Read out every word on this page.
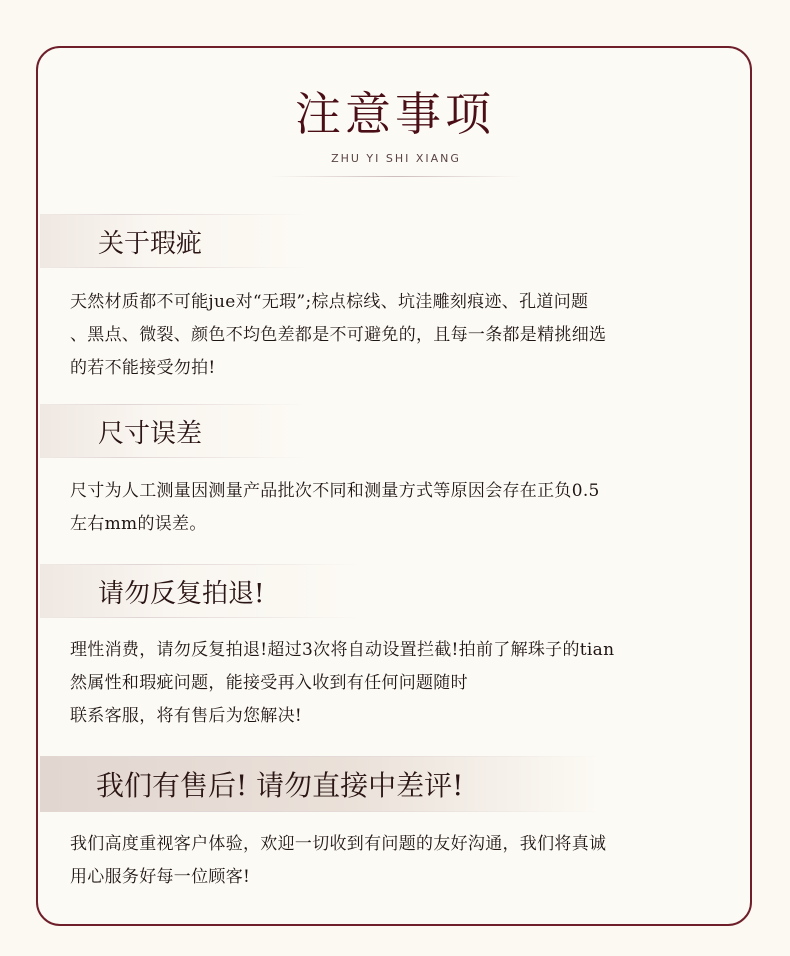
注意事项
ZHU YI SHI XIANG
关于瑕疵

天然材质都不可能jue对“无瑕”;棕点棕线、坑洼雕刻痕迹、孔道问题
、黑点、微裂、颜色不均色差都是不可避免的，且每一条都是精挑细选
的若不能接受勿拍!

尺寸误差

尺寸为人工测量因测量产品批次不同和测量方式等原因会存在正负0.5
左右mm的误差。

请勿反复拍退!

理性消费，请勿反复拍退!超过3次将自动设置拦截!拍前了解珠子的tian
然属性和瑕疵问题，能接受再入收到有任何问题随时
联系客服，将有售后为您解决!

我们有售后! 请勿直接中差评!

我们高度重视客户体验，欢迎一切收到有问题的友好沟通，我们将真诚
用心服务好每一位顾客!
